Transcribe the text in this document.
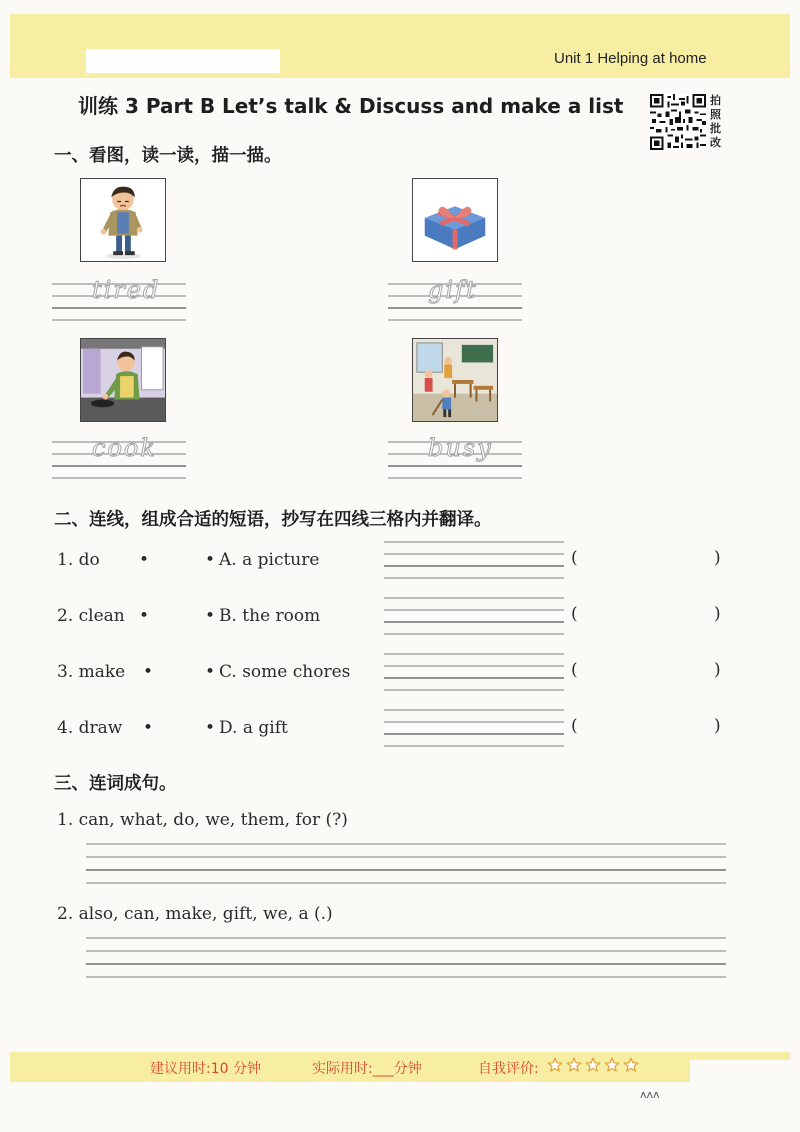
Unit 1 Helping at home
训练 3 Part B Let’s talk & Discuss and make a list	拍
照
批
改
一、看图，读一读，描一描。
tired	gift
cook	busy
二、连线，组成合适的短语，抄写在四线三格内并翻译。
1. do •	• A. a picture	(	)
2. clean •	• B. the room	(	)
3. make •	• C. some chores	(	)
4. draw •	• D. a gift	(	)
三、连词成句。
1. can, what, do, we, them, for (?)
2. also, can, make, gift, we, a (.)
建议用时:10 分钟	实际用时:___分钟	自我评价:
ᴧᴧᴧ
